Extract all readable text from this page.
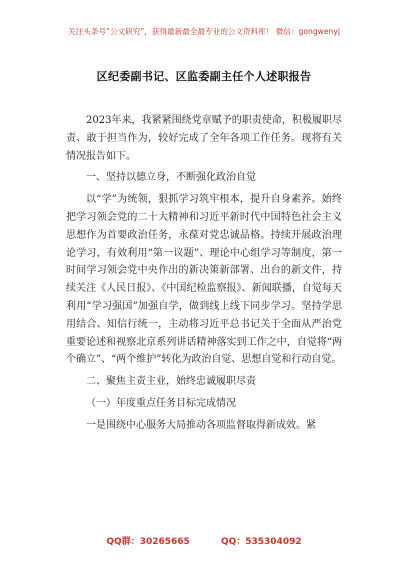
关注头条号“公文研究”，获得最新最全最专业的公文资料库！ 微信：gongwenyj
区纪委副书记、区监委副主任个人述职报告

2023年来，我紧紧围绕党章赋予的职责使命，积极履职尽责、敢于担当作为，较好完成了全年各项工作任务。现将有关情况报告如下。

一、坚持以德立身，不断强化政治自觉

以“学”为统领，狠抓学习筑牢根本，提升自身素养。始终把学习领会党的二十大精神和习近平新时代中国特色社会主义思想作为首要政治任务，永葆对党忠诚品格。持续开展政治理论学习，有效利用“第一议题”、理论中心组学习等制度，第一时间学习领会党中央作出的新决策新部署、出台的新文件，持续关注《人民日报》、《中国纪检监察报》、新闻联播，自觉每天利用“学习强国”加强自学，做到线上线下同步学习。坚持学思用结合、知信行统一，主动将习近平总书记关于全面从严治党重要论述和视察北京系列讲话精神落实到工作之中，自觉将“两个确立”、“两个维护”转化为政治自觉、思想自觉和行动自觉。

二、聚焦主责主业，始终忠诚履职尽责

（一）年度重点任务目标完成情况

一是围绕中心服务大局推动各项监督取得新成效。紧

QQ群：30265665	QQ：535304092
